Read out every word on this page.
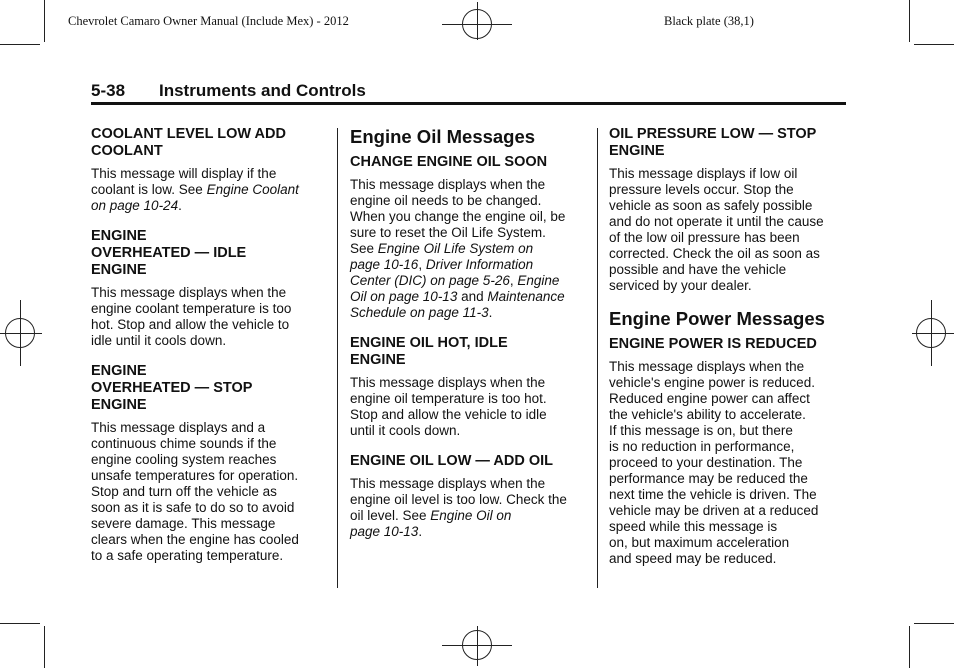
Chevrolet Camaro Owner Manual (Include Mex) - 2012	Black plate (38,1)
5-38 Instruments and Controls
COOLANT LEVEL LOW ADD COOLANT
This message will display if the
coolant is low. See Engine Coolant
on page 10-24.
ENGINE
OVERHEATED — IDLE
ENGINE
This message displays when the
engine coolant temperature is too
hot. Stop and allow the vehicle to
idle until it cools down.
ENGINE
OVERHEATED — STOP
ENGINE
This message displays and a
continuous chime sounds if the
engine cooling system reaches
unsafe temperatures for operation.
Stop and turn off the vehicle as
soon as it is safe to do so to avoid
severe damage. This message
clears when the engine has cooled
to a safe operating temperature.
Engine Oil Messages
CHANGE ENGINE OIL SOON
This message displays when the
engine oil needs to be changed.
When you change the engine oil, be
sure to reset the Oil Life System.
See Engine Oil Life System on
page 10-16, Driver Information
Center (DIC) on page 5-26, Engine
Oil on page 10-13 and Maintenance
Schedule on page 11-3.
ENGINE OIL HOT, IDLE
ENGINE
This message displays when the
engine oil temperature is too hot.
Stop and allow the vehicle to idle
until it cools down.
ENGINE OIL LOW — ADD OIL
This message displays when the
engine oil level is too low. Check the
oil level. See Engine Oil on
page 10-13.
OIL PRESSURE LOW — STOP
ENGINE
This message displays if low oil
pressure levels occur. Stop the
vehicle as soon as safely possible
and do not operate it until the cause
of the low oil pressure has been
corrected. Check the oil as soon as
possible and have the vehicle
serviced by your dealer.
Engine Power Messages
ENGINE POWER IS REDUCED
This message displays when the
vehicle's engine power is reduced.
Reduced engine power can affect
the vehicle's ability to accelerate.
If this message is on, but there
is no reduction in performance,
proceed to your destination. The
performance may be reduced the
next time the vehicle is driven. The
vehicle may be driven at a reduced
speed while this message is
on, but maximum acceleration
and speed may be reduced.
